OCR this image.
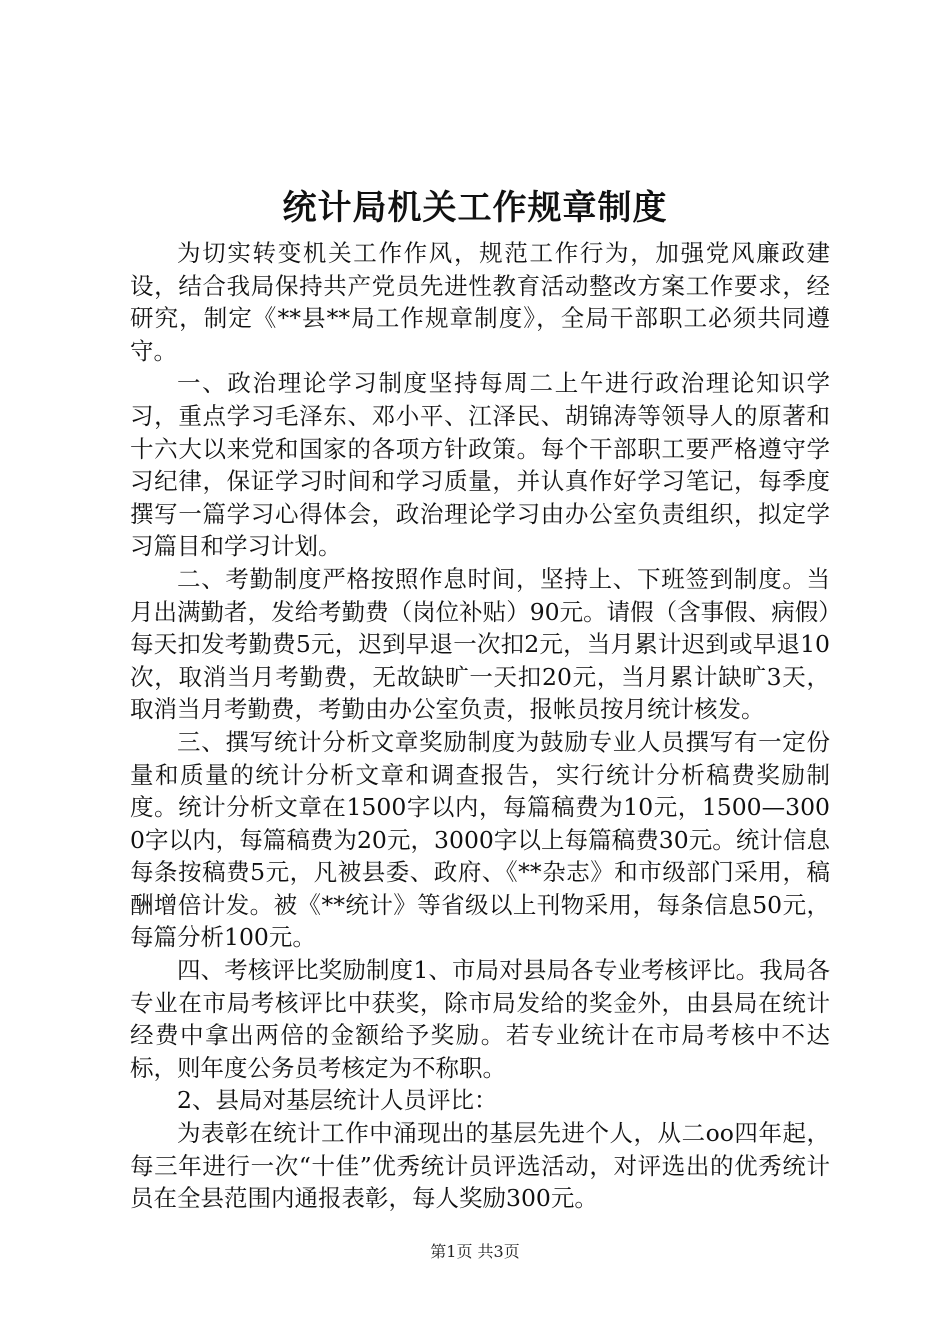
统计局机关工作规章制度

为切实转变机关工作作风，规范工作行为，加强党风廉政建设，结合我局保持共产党员先进性教育活动整改方案工作要求，经研究，制定《**县**局工作规章制度》，全局干部职工必须共同遵守。

一、政治理论学习制度坚持每周二上午进行政治理论知识学习，重点学习毛泽东、邓小平、江泽民、胡锦涛等领导人的原著和十六大以来党和国家的各项方针政策。每个干部职工要严格遵守学习纪律，保证学习时间和学习质量，并认真作好学习笔记，每季度撰写一篇学习心得体会，政治理论学习由办公室负责组织，拟定学习篇目和学习计划。

二、考勤制度严格按照作息时间，坚持上、下班签到制度。当月出满勤者，发给考勤费（岗位补贴）90元。请假（含事假、病假）每天扣发考勤费5元，迟到早退一次扣2元，当月累计迟到或早退10次，取消当月考勤费，无故缺旷一天扣20元，当月累计缺旷3天，取消当月考勤费，考勤由办公室负责，报帐员按月统计核发。

三、撰写统计分析文章奖励制度为鼓励专业人员撰写有一定份量和质量的统计分析文章和调查报告，实行统计分析稿费奖励制度。统计分析文章在1500字以内，每篇稿费为10元，1500—3000字以内，每篇稿费为20元，3000字以上每篇稿费30元。统计信息每条按稿费5元，凡被县委、政府、《**杂志》和市级部门采用，稿酬增倍计发。被《**统计》等省级以上刊物采用，每条信息50元，每篇分析100元。

四、考核评比奖励制度1、市局对县局各专业考核评比。我局各专业在市局考核评比中获奖，除市局发给的奖金外，由县局在统计经费中拿出两倍的金额给予奖励。若专业统计在市局考核中不达标，则年度公务员考核定为不称职。

2、县局对基层统计人员评比：

为表彰在统计工作中涌现出的基层先进个人，从二oo四年起，每三年进行一次“十佳”优秀统计员评选活动，对评选出的优秀统计员在全县范围内通报表彰，每人奖励300元。

第1页 共3页
